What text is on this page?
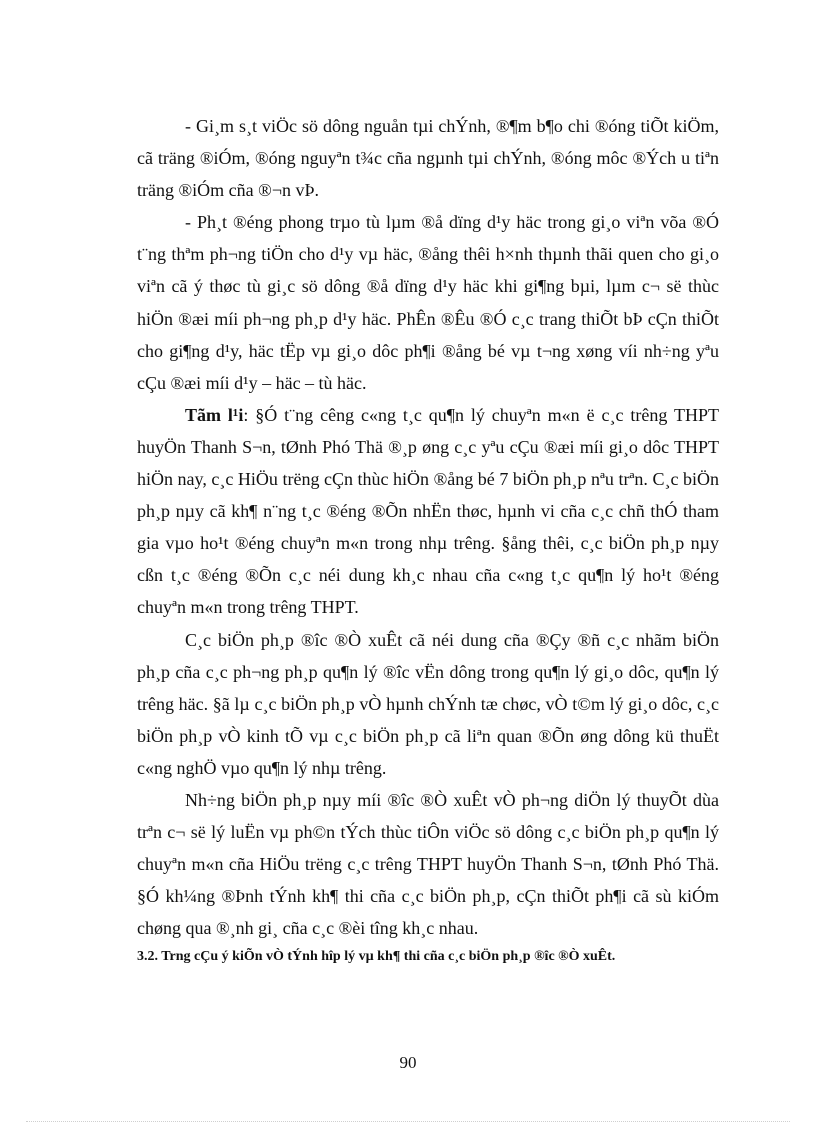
- Gi¸m s¸t viÖc sö dông nguån tµi chÝnh, ®¶m b¶o chi ®óng tiÕt kiÖm, cã träng ®iÓm, ®óng nguyªn t¾c cña ngµnh tµi chÝnh, ®óng môc ®Ých u tiªn träng ®iÓm cña ®¬n vÞ.

- Ph¸t ®éng phong trµo tù lµm ®å dïng d¹y häc trong gi¸o viªn võa ®Ó t¨ng thªm ph¬ng tiÖn cho d¹y vµ häc, ®ång thêi h×nh thµnh thãi quen cho gi¸o viªn cã ý thøc tù gi¸c sö dông ®å dïng d¹y häc khi gi¶ng bµi, lµm c¬ së thùc hiÖn ®æi míi ph¬ng ph¸p d¹y häc. PhÊn ®Êu ®Ó c¸c trang thiÕt bÞ cÇn thiÕt cho gi¶ng d¹y, häc tËp vµ gi¸o dôc ph¶i ®ång bé vµ t¬ng xøng víi nh÷ng yªu cÇu ®æi míi d¹y – häc – tù häc.

Tãm l¹i: §Ó t¨ng cêng c«ng t¸c qu¶n lý chuyªn m«n ë c¸c trêng THPT huyÖn Thanh S¬n, tØnh Phó Thä ®¸p øng c¸c yªu cÇu ®æi míi gi¸o dôc THPT hiÖn nay, c¸c HiÖu trëng cÇn thùc hiÖn ®ång bé 7 biÖn ph¸p nªu trªn. C¸c biÖn ph¸p nµy cã kh¶ n¨ng t¸c ®éng ®Õn nhËn thøc, hµnh vi cña c¸c chñ thÓ tham gia vµo ho¹t ®éng chuyªn m«n trong nhµ trêng. §ång thêi, c¸c biÖn ph¸p nµy cßn t¸c ®éng ®Õn c¸c néi dung kh¸c nhau cña c«ng t¸c qu¶n lý ho¹t ®éng chuyªn m«n trong trêng THPT.

C¸c biÖn ph¸p ®îc ®Ò xuÊt cã néi dung cña ®Çy ®ñ c¸c nhãm biÖn ph¸p cña c¸c ph¬ng ph¸p qu¶n lý ®îc vËn dông trong qu¶n lý gi¸o dôc, qu¶n lý trêng häc. §ã lµ c¸c biÖn ph¸p vÒ hµnh chÝnh tæ chøc, vÒ t©m lý gi¸o dôc, c¸c biÖn ph¸p vÒ kinh tÕ vµ c¸c biÖn ph¸p cã liªn quan ®Õn øng dông kü thuËt c«ng nghÖ vµo qu¶n lý nhµ trêng.

Nh÷ng biÖn ph¸p nµy míi ®îc ®Ò xuÊt vÒ ph¬ng diÖn lý thuyÕt dùa trªn c¬ së lý luËn vµ ph©n tÝch thùc tiÔn viÖc sö dông c¸c biÖn ph¸p qu¶n lý chuyªn m«n cña HiÖu trëng c¸c trêng THPT huyÖn Thanh S¬n, tØnh Phó Thä. §Ó kh¼ng ®Þnh tÝnh kh¶ thi cña c¸c biÖn ph¸p, cÇn thiÕt ph¶i cã sù kiÓm chøng qua ®¸nh gi¸ cña c¸c ®èi tîng kh¸c nhau.

3.2. Trng cÇu ý kiÕn vÒ tÝnh hîp lý vµ kh¶ thi cña c¸c biÖn ph¸p ®îc ®Ò xuÊt.

90
